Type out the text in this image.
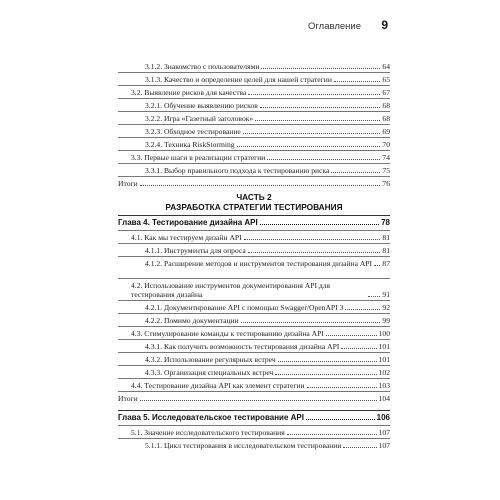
Оглавление 9
3.1.2. Знакомство с пользователями	64
3.1.3. Качество и определение целей для нашей стратегии	65
3.2. Выявление рисков для качества	67
3.2.1. Обучение выявлению рисков	68
3.2.2. Игра «Газетный заголовок»	68
3.2.3. Обходное тестирование	69
3.2.4. Техника RiskStorming	70
3.3. Первые шаги в реализации стратегии	74
3.3.1. Выбор правильного подхода к тестированию риска	75
Итоги	76
ЧАСТЬ 2
РАЗРАБОТКА СТРАТЕГИИ ТЕСТИРОВАНИЯ
Глава 4. Тестирование дизайна API	78
4.1. Как мы тестируем дизайн API	81
4.1.1. Инструменты для опроса	81
4.1.2. Расширение методов и инструментов тестирования дизайна API 87
4.2. Использование инструментов документирования API для тестирования дизайна	91
4.2.1. Документирование API с помощью Swagger/OpenAPI 3	92
4.2.2. Помимо документации	99
4.3. Стимулирование команды к тестированию дизайна API	100
4.3.1. Как получить возможность тестирования дизайна API	101
4.3.2. Использование регулярных встреч	101
4.3.3. Организация специальных встреч	102
4.4. Тестирование дизайна API как элемент стратегии	103
Итоги	104
Глава 5. Исследовательское тестирование API	106
5.1. Значение исследовательского тестирования	107
5.1.1. Цикл тестирования в исследовательском тестировании	107
